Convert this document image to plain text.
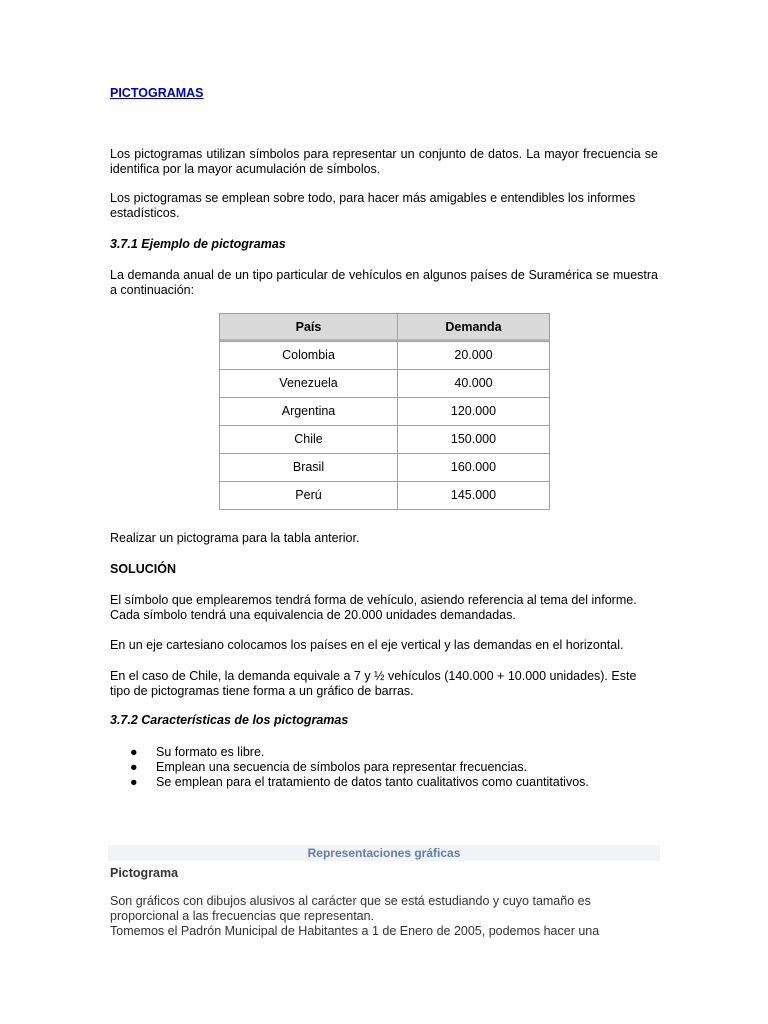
PICTOGRAMAS

Los pictogramas utilizan símbolos para representar un conjunto de datos. La mayor frecuencia se identifica por la mayor acumulación de símbolos.

Los pictogramas se emplean sobre todo, para hacer más amigables e entendibles los informes estadísticos.

3.7.1 Ejemplo de pictogramas

La demanda anual de un tipo particular de vehículos en algunos países de Suramérica se muestra a continuación:

País	Demanda
Colombia	20.000
Venezuela	40.000
Argentina	120.000
Chile	150.000
Brasil	160.000
Perú	145.000

Realizar un pictograma para la tabla anterior.

SOLUCIÓN

El símbolo que emplearemos tendrá forma de vehículo, asiendo referencia al tema del informe. Cada símbolo tendrá una equivalencia de 20.000 unidades demandadas.

En un eje cartesiano colocamos los países en el eje vertical y las demandas en el horizontal.

En el caso de Chile, la demanda equivale a 7 y ½ vehículos (140.000 + 10.000 unidades). Este tipo de pictogramas tiene forma a un gráfico de barras.

3.7.2 Características de los pictogramas
● Su formato es libre.
● Emplean una secuencia de símbolos para representar frecuencias.
● Se emplean para el tratamiento de datos tanto cualitativos como cuantitativos.
Representaciones gráficas
Pictograma

Son gráficos con dibujos alusivos al carácter que se está estudiando y cuyo tamaño es proporcional a las frecuencias que representan.

Tomemos el Padrón Municipal de Habitantes a 1 de Enero de 2005, podemos hacer una
